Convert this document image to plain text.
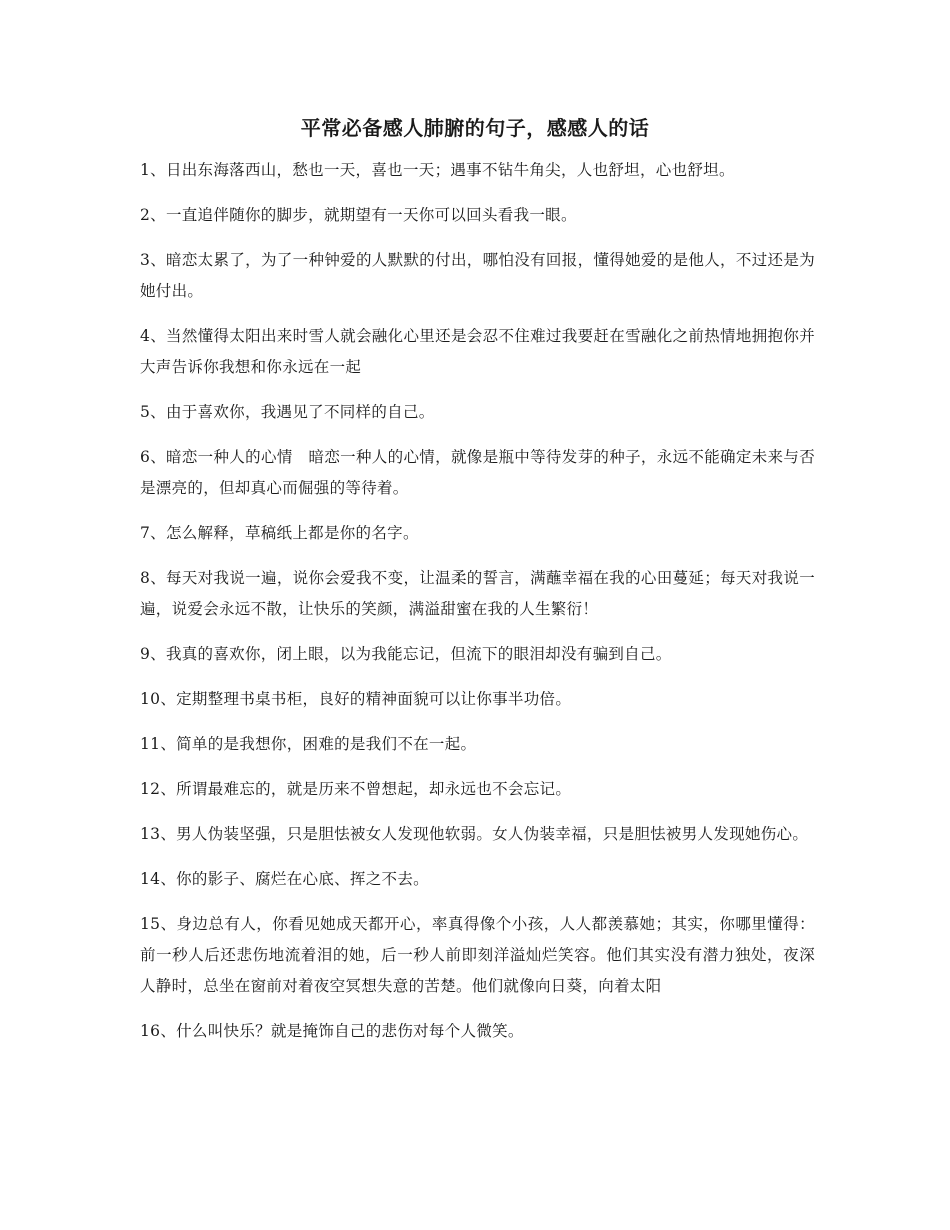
平常必备感人肺腑的句子，感感人的话
1、日出东海落西山，愁也一天，喜也一天；遇事不钻牛角尖，人也舒坦，心也舒坦。
2、一直追伴随你的脚步，就期望有一天你可以回头看我一眼。
3、暗恋太累了，为了一种钟爱的人默默的付出，哪怕没有回报，懂得她爱的是他人，不过还是为她付出。
4、当然懂得太阳出来时雪人就会融化心里还是会忍不住难过我要赶在雪融化之前热情地拥抱你并大声告诉你我想和你永远在一起
5、由于喜欢你，我遇见了不同样的自己。
6、暗恋一种人的心情　暗恋一种人的心情，就像是瓶中等待发芽的种子，永远不能确定未来与否是漂亮的，但却真心而倔强的等待着。
7、怎么解释，草稿纸上都是你的名字。
8、每天对我说一遍，说你会爱我不变，让温柔的誓言，满蘸幸福在我的心田蔓延；每天对我说一遍，说爱会永远不散，让快乐的笑颜，满溢甜蜜在我的人生繁衍！
9、我真的喜欢你，闭上眼，以为我能忘记，但流下的眼泪却没有骗到自己。
10、定期整理书桌书柜，良好的精神面貌可以让你事半功倍。
11、简单的是我想你，困难的是我们不在一起。
12、所谓最难忘的，就是历来不曾想起，却永远也不会忘记。
13、男人伪装坚强，只是胆怯被女人发现他软弱。女人伪装幸福，只是胆怯被男人发现她伤心。
14、你的影子、腐烂在心底、挥之不去。
15、身边总有人，你看见她成天都开心，率真得像个小孩，人人都羡慕她；其实，你哪里懂得：前一秒人后还悲伤地流着泪的她，后一秒人前即刻洋溢灿烂笑容。他们其实没有潜力独处，夜深人静时，总坐在窗前对着夜空冥想失意的苦楚。他们就像向日葵，向着太阳
16、什么叫快乐？就是掩饰自己的悲伤对每个人微笑。
